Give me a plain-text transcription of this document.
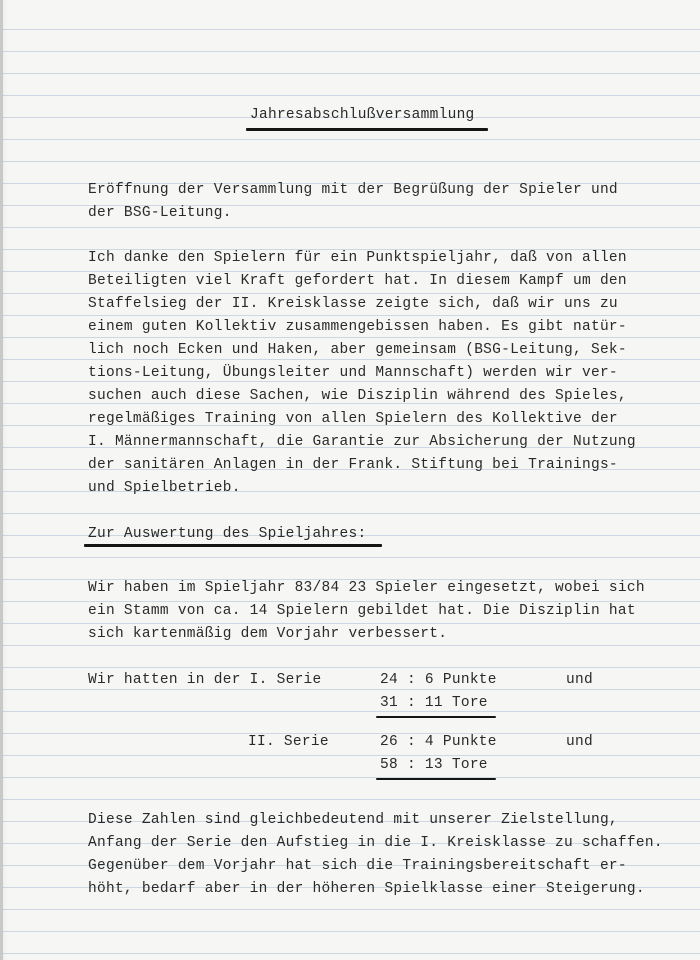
Jahresabschlußversammlung
Eröffnung der Versammlung mit der Begrüßung der Spieler und
der BSG-Leitung.
Ich danke den Spielern für ein Punktspieljahr, daß von allen
Beteiligten viel Kraft gefordert hat. In diesem Kampf um den
Staffelsieg der II. Kreisklasse zeigte sich, daß wir uns zu
einem guten Kollektiv zusammengebissen haben. Es gibt natür-
lich noch Ecken und Haken, aber gemeinsam (BSG-Leitung, Sek-
tions-Leitung, Übungsleiter und Mannschaft) werden wir ver-
suchen auch diese Sachen, wie Disziplin während des Spieles,
regelmäßiges Training von allen Spielern des Kollektive der
I. Männermannschaft, die Garantie zur Absicherung der Nutzung
der sanitären Anlagen in der Frank. Stiftung bei Trainings-
und Spielbetrieb.
Zur Auswertung des Spieljahres:
Wir haben im Spieljahr 83/84 23 Spieler eingesetzt, wobei sich
ein Stamm von ca. 14 Spielern gebildet hat. Die Disziplin hat
sich kartenmäßig dem Vorjahr verbessert.
Wir hatten in der I. Serie	24 : 6 Punkte	und
31 : 11 Tore
II. Serie	26 : 4 Punkte	und
58 : 13 Tore
Diese Zahlen sind gleichbedeutend mit unserer Zielstellung,
Anfang der Serie den Aufstieg in die I. Kreisklasse zu schaffen.
Gegenüber dem Vorjahr hat sich die Trainingsbereitschaft er-
höht, bedarf aber in der höheren Spielklasse einer Steigerung.
